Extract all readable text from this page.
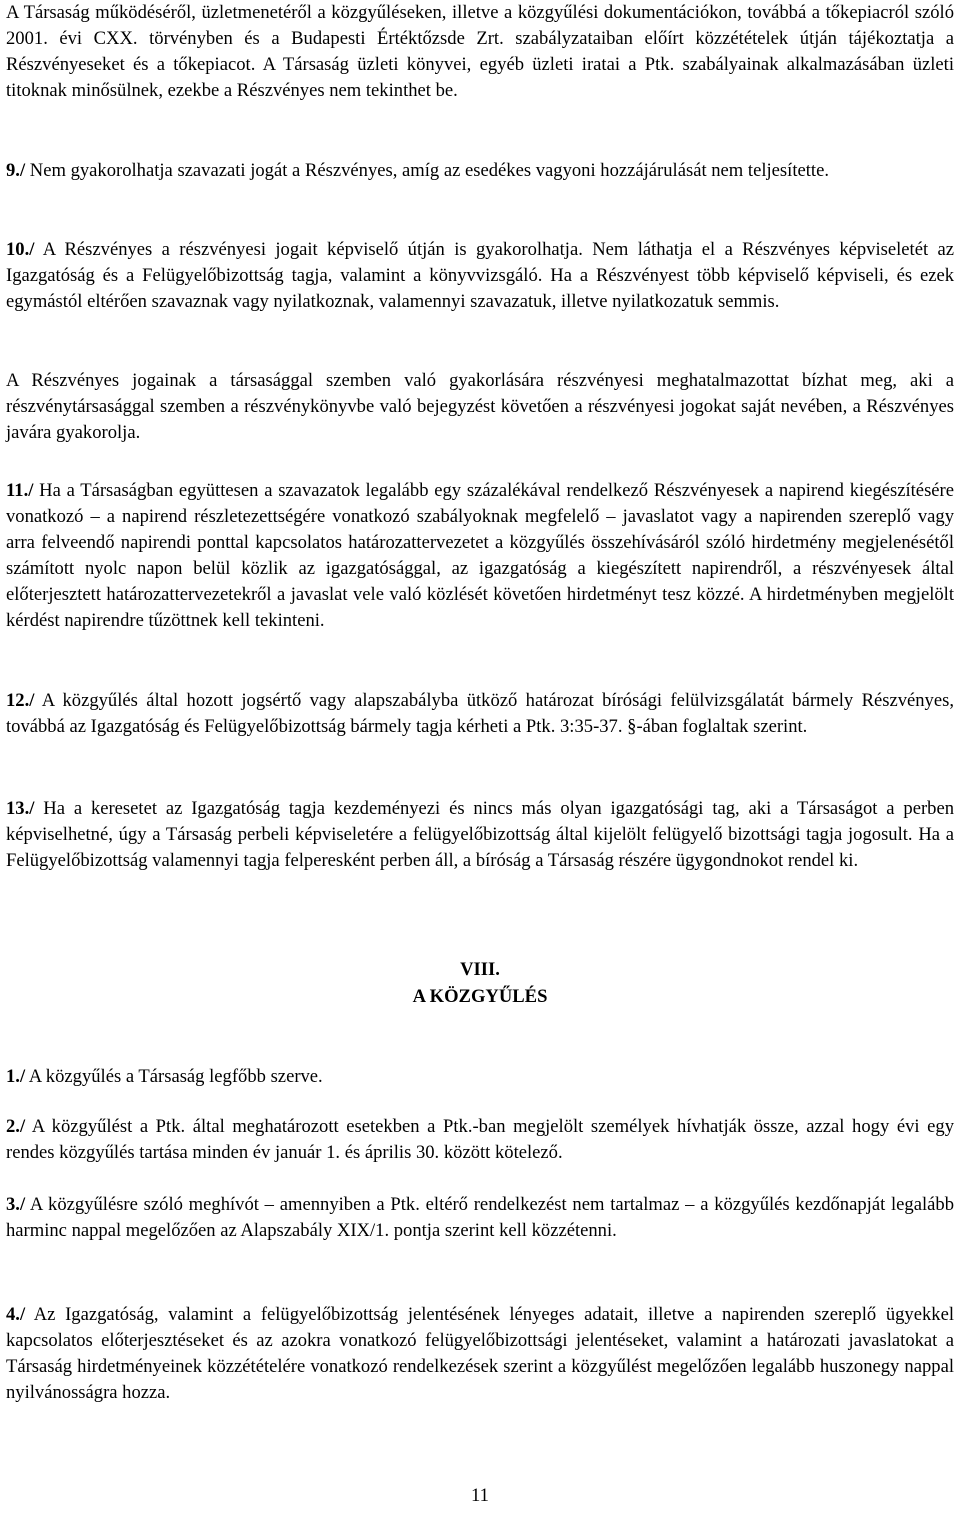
A Társaság működéséről, üzletmenetéről a közgyűléseken, illetve a közgyűlési dokumentációkon, továbbá a tőkepiacról szóló 2001. évi CXX. törvényben és a Budapesti Értéktőzsde Zrt. szabályzataiban előírt közzétételek útján tájékoztatja a Részvényeseket és a tőkepiacot. A Társaság üzleti könyvei, egyéb üzleti iratai a Ptk. szabályainak alkalmazásában üzleti titoknak minősülnek, ezekbe a Részvényes nem tekinthet be.

9./ Nem gyakorolhatja szavazati jogát a Részvényes, amíg az esedékes vagyoni hozzájárulását nem teljesítette.

10./ A Részvényes a részvényesi jogait képviselő útján is gyakorolhatja. Nem láthatja el a Részvényes képviseletét az Igazgatóság és a Felügyelőbizottság tagja, valamint a könyvvizsgáló. Ha a Részvényest több képviselő képviseli, és ezek egymástól eltérően szavaznak vagy nyilatkoznak, valamennyi szavazatuk, illetve nyilatkozatuk semmis.

A Részvényes jogainak a társasággal szemben való gyakorlására részvényesi meghatalmazottat bízhat meg, aki a részvénytársasággal szemben a részvénykönyvbe való bejegyzést követően a részvényesi jogokat saját nevében, a Részvényes javára gyakorolja.

11./ Ha a Társaságban együttesen a szavazatok legalább egy százalékával rendelkező Részvényesek a napirend kiegészítésére vonatkozó – a napirend részletezettségére vonatkozó szabályoknak megfelelő – javaslatot vagy a napirenden szereplő vagy arra felveendő napirendi ponttal kapcsolatos határozattervezetet a közgyűlés összehívásáról szóló hirdetmény megjelenésétől számított nyolc napon belül közlik az igazgatósággal, az igazgatóság a kiegészített napirendről, a részvényesek által előterjesztett határozattervezetekről a javaslat vele való közlését követően hirdetményt tesz közzé. A hirdetményben megjelölt kérdést napirendre tűzöttnek kell tekinteni.

12./ A közgyűlés által hozott jogsértő vagy alapszabályba ütköző határozat bírósági felülvizsgálatát bármely Részvényes, továbbá az Igazgatóság és Felügyelőbizottság bármely tagja kérheti a Ptk. 3:35-37. §-ában foglaltak szerint.

13./ Ha a keresetet az Igazgatóság tagja kezdeményezi és nincs más olyan igazgatósági tag, aki a Társaságot a perben képviselhetné, úgy a Társaság perbeli képviseletére a felügyelőbizottság által kijelölt felügyelő bizottsági tagja jogosult. Ha a Felügyelőbizottság valamennyi tagja felperesként perben áll, a bíróság a Társaság részére ügygondnokot rendel ki.

VIII.

A KÖZGYŰLÉS

1./ A közgyűlés a Társaság legfőbb szerve.

2./ A közgyűlést a Ptk. által meghatározott esetekben a Ptk.-ban megjelölt személyek hívhatják össze, azzal hogy évi egy rendes közgyűlés tartása minden év január 1. és április 30. között kötelező.

3./ A közgyűlésre szóló meghívót – amennyiben a Ptk. eltérő rendelkezést nem tartalmaz – a közgyűlés kezdőnapját legalább harminc nappal megelőzően az Alapszabály XIX/1. pontja szerint kell közzétenni.

4./ Az Igazgatóság, valamint a felügyelőbizottság jelentésének lényeges adatait, illetve a napirenden szereplő ügyekkel kapcsolatos előterjesztéseket és az azokra vonatkozó felügyelőbizottsági jelentéseket, valamint a határozati javaslatokat a Társaság hirdetményeinek közzétételére vonatkozó rendelkezések szerint a közgyűlést megelőzően legalább huszonegy nappal nyilvánosságra hozza.

11
